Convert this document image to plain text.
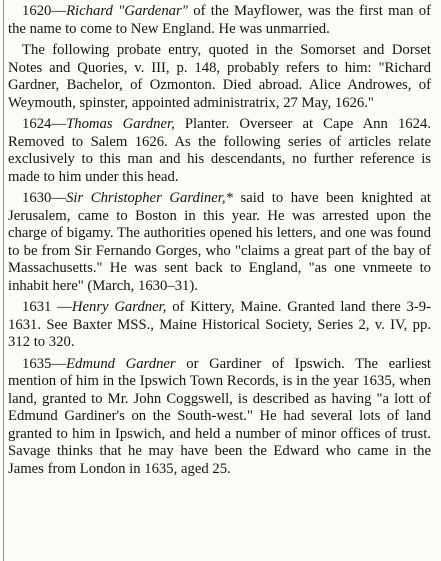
1620—Richard "Gardenar" of the Mayflower, was the first man of the name to come to New England. He was unmarried.

The following probate entry, quoted in the Somorset and Dorset Notes and Quories, v. III, p. 148, probably refers to him: "Richard Gardner, Bachelor, of Ozmonton. Died abroad. Alice Androwes, of Weymouth, spinster, appointed administratrix, 27 May, 1626."

1624—Thomas Gardner, Planter. Overseer at Cape Ann 1624. Removed to Salem 1626. As the following series of articles relate exclusively to this man and his descendants, no further reference is made to him under this head.

1630—Sir Christopher Gardiner,* said to have been knighted at Jerusalem, came to Boston in this year. He was arrested upon the charge of bigamy. The authorities opened his letters, and one was found to be from Sir Fernando Gorges, who "claims a great part of the bay of Massachusetts." He was sent back to England, "as one vnmeete to inhabit here" (March, 1630–31).

1631 —Henry Gardner, of Kittery, Maine. Granted land there 3-9-1631. See Baxter MSS., Maine Historical Society, Series 2, v. IV, pp. 312 to 320.

1635—Edmund Gardner or Gardiner of Ipswich. The earliest mention of him in the Ipswich Town Records, is in the year 1635, when land, granted to Mr. John Coggswell, is described as having "a lott of Edmund Gardiner's on the South-west." He had several lots of land granted to him in Ipswich, and held a number of minor offices of trust. Savage thinks that he may have been the Edward who came in the James from London in 1635, aged 25.
